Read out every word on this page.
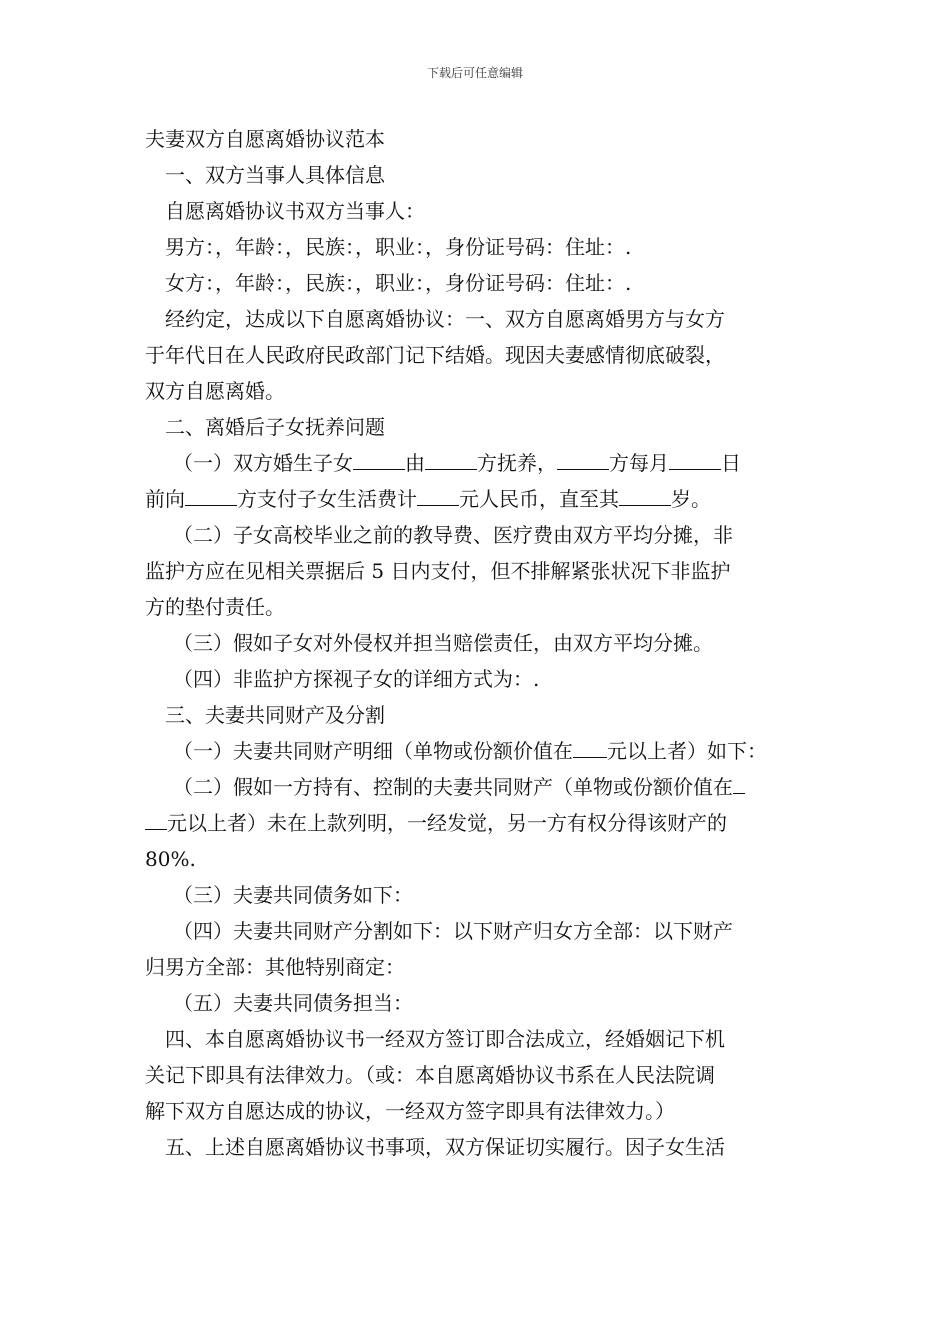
下载后可任意编辑
夫妻双方自愿离婚协议范本
一、双方当事人具体信息
自愿离婚协议书双方当事人：
男方：，年龄：，民族：，职业：，身份证号码：住址：.
女方：，年龄：，民族：，职业：，身份证号码：住址：.
经约定，达成以下自愿离婚协议：一、双方自愿离婚男方与女方
于年代日在人民政府民政部门记下结婚。现因夫妻感情彻底破裂，
双方自愿离婚。
二、离婚后子女抚养问题
（一）双方婚生子女	由	方抚养，	方每月	日
前向	方支付子女生活费计 元人民币，直至其	岁。
（二）子女高校毕业之前的教导费、医疗费由双方平均分摊，非
监护方应在见相关票据后 5 日内支付，但不排解紧张状况下非监护
方的垫付责任。
（三）假如子女对外侵权并担当赔偿责任，由双方平均分摊。
（四）非监护方探视子女的详细方式为：.
三、夫妻共同财产及分割
（一）夫妻共同财产明细（单物或份额价值在 元以上者）如下：
（二）假如一方持有、控制的夫妻共同财产（单物或份额价值在
元以上者）未在上款列明，一经发觉，另一方有权分得该财产的
80%.
（三）夫妻共同债务如下：
（四）夫妻共同财产分割如下：以下财产归女方全部：以下财产
归男方全部：其他特别商定：
（五）夫妻共同债务担当：
四、本自愿离婚协议书一经双方签订即合法成立，经婚姻记下机
关记下即具有法律效力。（或：本自愿离婚协议书系在人民法院调
解下双方自愿达成的协议，一经双方签字即具有法律效力。）
五、上述自愿离婚协议书事项，双方保证切实履行。因子女生活
